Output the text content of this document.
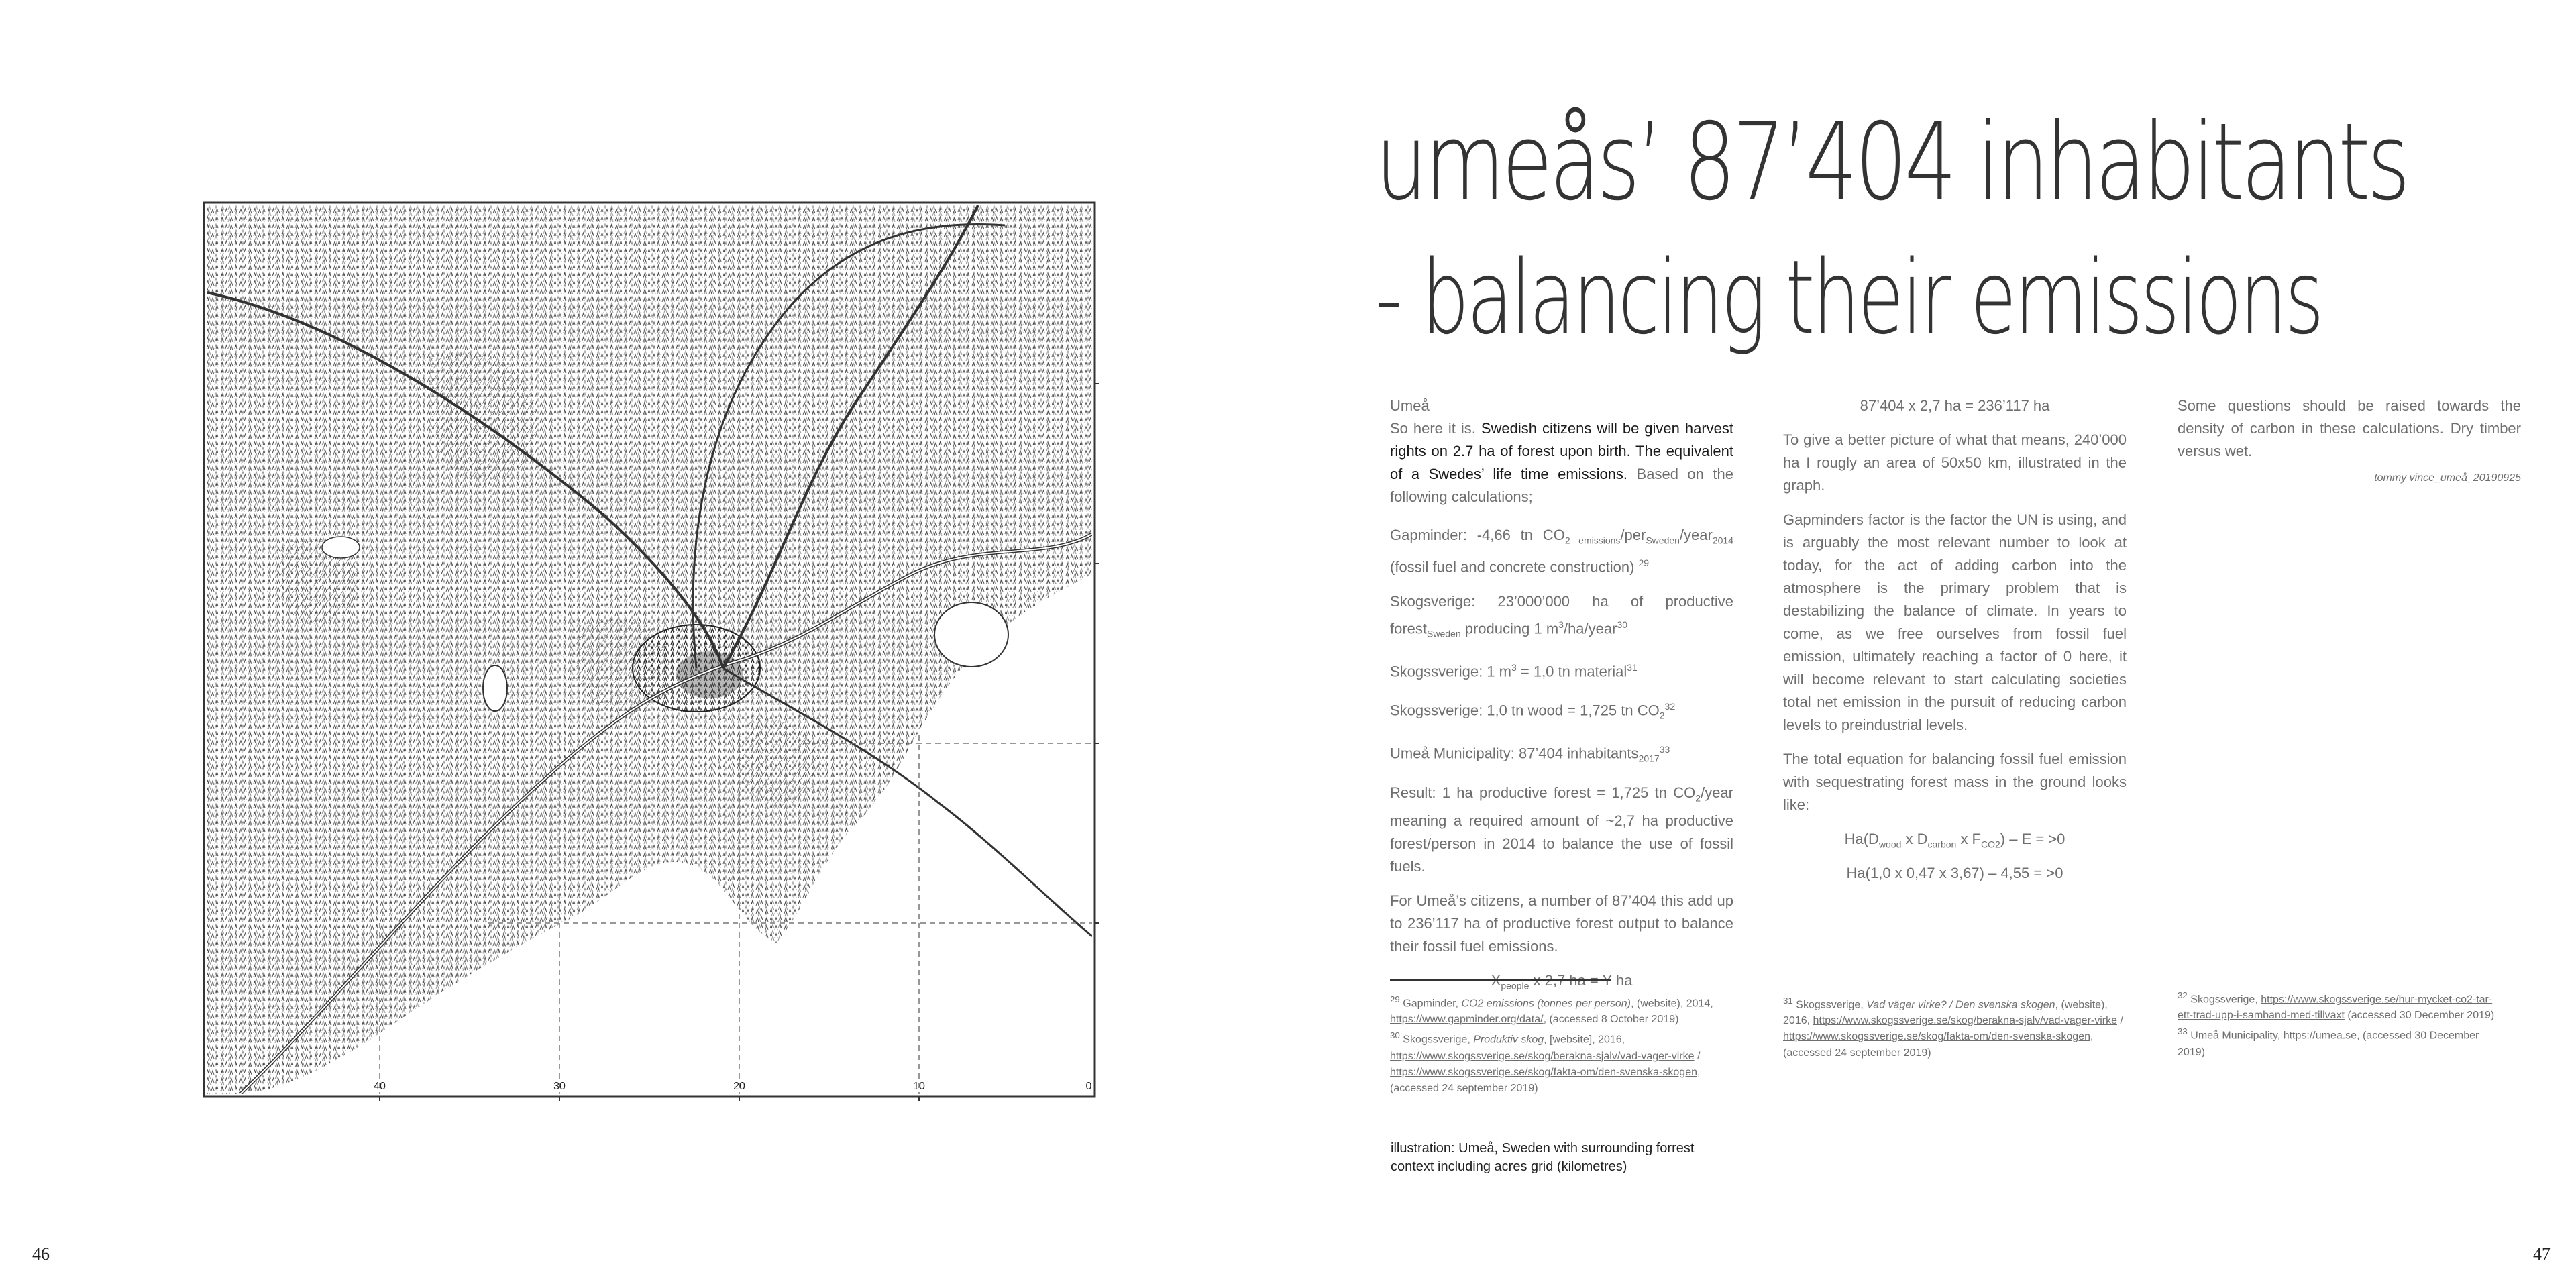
46	47
40	30	20	10	0
illustration: Umeå, Sweden with surrounding forrest context including acres grid (kilometres)
umeås’ 87’404 inhabitants
- balancing their emissions

Umeå

So here it is. Swedish citizens will be given harvest rights on 2.7 ha of forest upon birth. The equivalent of a Swedes’ life time emissions. Based on the following calculations;

Gapminder: -4,66 tn $CO_{2 emissions}/per_{Sweden}/year_{2014}$ (fossil fuel and concrete construction) $^{29}$

Skogsverige: 23’000’000 ha of productive forest$_{Sweden}$ producing 1 $m^3/ha/year^{30}$

Skogssverige: 1 $m^3 = 1,0$ tn material$^{31}$

Skogssverige: 1,0 tn wood = 1,725 tn $CO_2^{32}$

Umeå Municipality: 87’404 inhabitants$_{2017}^{33}$

Result: 1 ha productive forest = 1,725 tn $CO_2$/year meaning a required amount of ~2,7 ha productive forest/person in 2014 to balance the use of fossil fuels.

For Umeå’s citizens, a number of 87’404 this add up to 236’117 ha of productive forest output to balance their fossil fuel emissions.

$X_{people}$ x 2,7 ha = Y ha

87’404 x 2,7 ha = 236’117 ha

To give a better picture of what that means, 240’000 ha I rougly an area of 50x50 km, illustrated in the graph.

Gapminders factor is the factor the UN is using, and is arguably the most relevant number to look at today, for the act of adding carbon into the atmosphere is the primary problem that is destabilizing the balance of climate. In years to come, as we free ourselves from fossil fuel emission, ultimately reaching a factor of 0 here, it will become relevant to start calculating societies total net emission in the pursuit of reducing carbon levels to preindustrial levels.

The total equation for balancing fossil fuel emission with sequestrating forest mass in the ground looks like:

$Ha(D_{wood}$ x $D_{carbon}$ x $F_{CO2}) - E = >0$

Ha(1,0 x 0,47 x 3,67) – 4,55 = >0

Some questions should be raised towards the density of carbon in these calculations. Dry timber versus wet.

tommy vince_umeå_20190925

$^{29}$ Gapminder, CO2 emissions (tonnes per person), (website), 2014, https://www.gapminder.org/data/, (accessed 8 October 2019)

$^{30}$ Skogssverige, Produktiv skog, [website], 2016, https://www.skogssverige.se/skog/berakna-sjalv/vad-vager-virke / https://www.skogssverige.se/skog/fakta-om/den-svenska-skogen, (accessed 24 september 2019)

$^{31}$ Skogssverige, Vad väger virke? / Den svenska skogen, (website), 2016, https://www.skogssverige.se/skog/berakna-sjalv/vad-vager-virke / https://www.skogssverige.se/skog/fakta-om/den-svenska-skogen, (accessed 24 september 2019)

$^{32}$ Skogssverige, https://www.skogssverige.se/hur-mycket-co2-tar-ett-trad-upp-i-samband-med-tillvaxt (accessed 30 December 2019)

$^{33}$ Umeå Municipality, https://umea.se, (accessed 30 December 2019)
